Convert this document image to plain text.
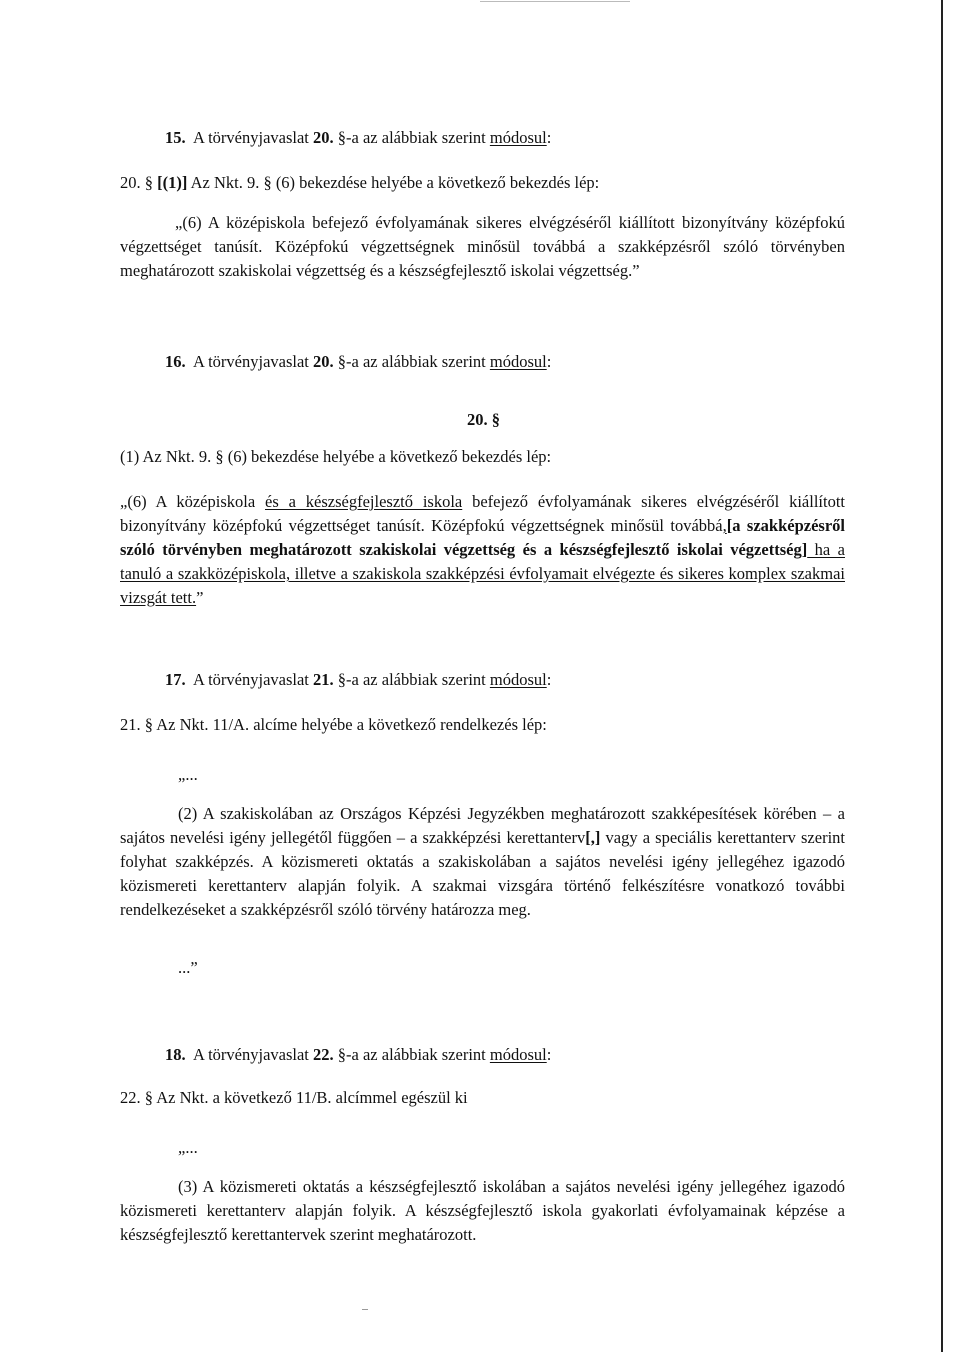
15. A törvényjavaslat 20. §-a az alábbiak szerint módosul:
20. § [(1)] Az Nkt. 9. § (6) bekezdése helyébe a következő bekezdés lép:
„(6) A középiskola befejező évfolyamának sikeres elvégzéséről kiállított bizonyítvány középfokú végzettséget tanúsít. Középfokú végzettségnek minősül továbbá a szakképzésről szóló törvényben meghatározott szakiskolai végzettség és a készségfejlesztő iskolai végzettség.”
16. A törvényjavaslat 20. §-a az alábbiak szerint módosul:
20. §
(1) Az Nkt. 9. § (6) bekezdése helyébe a következő bekezdés lép:
„(6) A középiskola és a készségfejlesztő iskola befejező évfolyamának sikeres elvégzéséről kiállított bizonyítvány középfokú végzettséget tanúsít. Középfokú végzettségnek minősül továbbá,[a szakképzésről szóló törvényben meghatározott szakiskolai végzettség és a készségfejlesztő iskolai végzettség] ha a tanuló a szakközépiskola, illetve a szakiskola szakképzési évfolyamait elvégezte és sikeres komplex szakmai vizsgát tett.”
17. A törvényjavaslat 21. §-a az alábbiak szerint módosul:
21. § Az Nkt. 11/A. alcíme helyébe a következő rendelkezés lép:
„...
(2) A szakiskolában az Országos Képzési Jegyzékben meghatározott szakképesítések körében – a sajátos nevelési igény jellegétől függően – a szakképzési kerettanterv[,] vagy a speciális kerettanterv szerint folyhat szakképzés. A közismereti oktatás a szakiskolában a sajátos nevelési igény jellegéhez igazodó közismereti kerettanterv alapján folyik. A szakmai vizsgára történő felkészítésre vonatkozó további rendelkezéseket a szakképzésről szóló törvény határozza meg.
...”
18. A törvényjavaslat 22. §-a az alábbiak szerint módosul:
22. § Az Nkt. a következő 11/B. alcímmel egészül ki
„...
(3) A közismereti oktatás a készségfejlesztő iskolában a sajátos nevelési igény jellegéhez igazodó közismereti kerettanterv alapján folyik. A készségfejlesztő iskola gyakorlati évfolyamainak képzése a készségfejlesztő kerettantervek szerint meghatározott.
